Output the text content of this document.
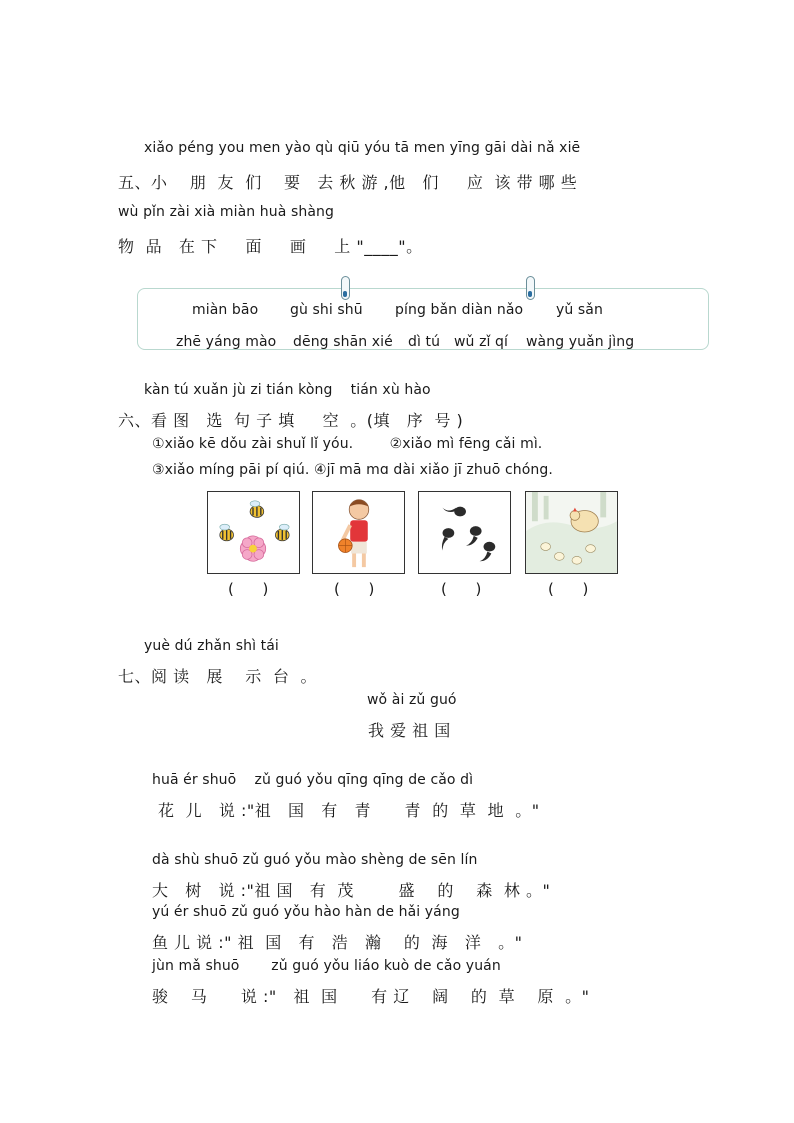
xiǎo péng you men yào qù qiū yóu tā men yīng gāi dài nǎ xiē
五、小    朋  友  们    要   去 秋 游 ,他   们     应  该 带 哪 些
wù pǐn zài xià miàn huà shàng
物  品   在 下     面     画     上 "____"。
miàn bāo gù shi shū píng bǎn diàn nǎo yǔ sǎn
zhē yáng mào dēng shān xié dì tú wǔ zǐ qí wàng yuǎn jìng
kàn tú xuǎn jù zi tián kòng    tián xù hào
六、看 图   选  句 子 填     空  。(填   序  号 )
①xiǎo kē dǒu zài shuǐ lǐ yóu.        ②xiǎo mì fēng cǎi mì.
③xiǎo míng pāi pí qiú. ④jī mā mɑ dài xiǎo jī zhuō chóng.
(      )	(      )	(      )	(      )
yuè dú zhǎn shì tái
七、阅 读   展    示  台  。
wǒ ài zǔ guó
我 爱 祖 国
huā ér shuō    zǔ guó yǒu qīng qīng de cǎo dì
花  儿   说 :"祖   国   有   青      青  的  草  地  。"
dà shù shuō zǔ guó yǒu mào shèng de sēn lín
大   树   说 :"祖 国   有  茂        盛    的    森  林 。"
yú ér shuō zǔ guó yǒu hào hàn de hǎi yáng
鱼 儿 说 :" 祖  国   有   浩   瀚    的  海   洋   。"
jùn mǎ shuō       zǔ guó yǒu liáo kuò de cǎo yuán
骏    马      说 :"   祖  国      有 辽    阔    的  草    原  。"
